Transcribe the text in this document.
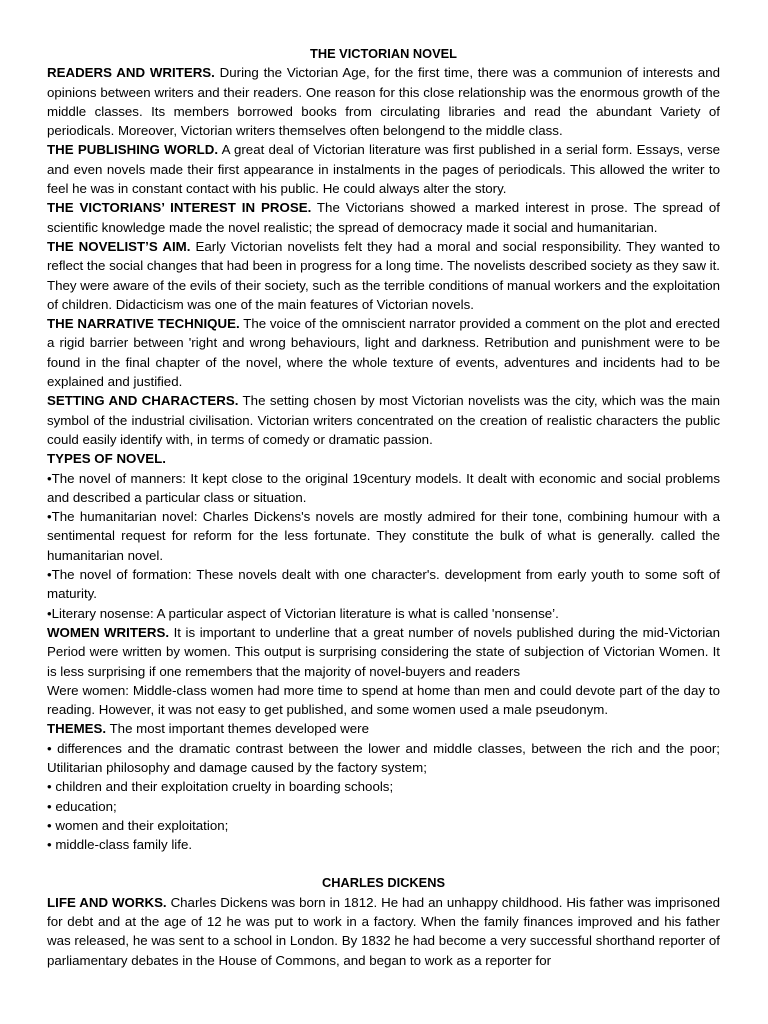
THE VICTORIAN NOVEL

READERS AND WRITERS. During the Victorian Age, for the first time, there was a communion of interests and opinions between writers and their readers. One reason for this close relationship was the enormous growth of the middle classes. Its members borrowed books from circulating libraries and read the abundant Variety of periodicals. Moreover, Victorian writers themselves often belongend to the middle class.

THE PUBLISHING WORLD. A great deal of Victorian literature was first published in a serial form. Essays, verse and even novels made their first appearance in instalments in the pages of periodicals. This allowed the writer to feel he was in constant contact with his public. He could always alter the story.

THE VICTORIANS’ INTEREST IN PROSE. The Victorians showed a marked interest in prose. The spread of scientific knowledge made the novel realistic; the spread of democracy made it social and humanitarian.

THE NOVELIST’S AIM. Early Victorian novelists felt they had a moral and social responsibility. They wanted to reflect the social changes that had been in progress for a long time. The novelists described society as they saw it. They were aware of the evils of their society, such as the terrible conditions of manual workers and the exploitation of children. Didacticism was one of the main features of Victorian novels.

THE NARRATIVE TECHNIQUE. The voice of the omniscient narrator provided a comment on the plot and erected a rigid barrier between 'right and wrong behaviours, light and darkness. Retribution and punishment were to be found in the final chapter of the novel, where the whole texture of events, adventures and incidents had to be explained and justified.

SETTING AND CHARACTERS. The setting chosen by most Victorian novelists was the city, which was the main symbol of the industrial civilisation. Victorian writers concentrated on the creation of realistic characters the public could easily identify with, in terms of comedy or dramatic passion.

TYPES OF NOVEL.

•The novel of manners: It kept close to the original 19century models. It dealt with economic and social problems and described a particular class or situation.

•The humanitarian novel: Charles Dickens's novels are mostly admired for their tone, combining humour with a sentimental request for reform for the less fortunate. They constitute the bulk of what is generally. called the humanitarian novel.

•The novel of formation: These novels dealt with one character's. development from early youth to some soft of maturity.

•Literary nosense: A particular aspect of Victorian literature is what is called 'nonsense’.

WOMEN WRITERS. It is important to underline that a great number of novels published during the mid-Victorian Period were written by women. This output is surprising considering the state of subjection of Victorian Women. It is less surprising if one remembers that the majority of novel-buyers and readers

Were women: Middle-class women had more time to spend at home than men and could devote part of the day to reading. However, it was not easy to get published, and some women used a male pseudonym.

THEMES. The most important themes developed were

• differences and the dramatic contrast between the lower and middle classes, between the rich and the poor; Utilitarian philosophy and damage caused by the factory system;

• children and their exploitation cruelty in boarding schools;

• education;

• women and their exploitation;

• middle-class family life.

CHARLES DICKENS

LIFE AND WORKS. Charles Dickens was born in 1812. He had an unhappy childhood. His father was imprisoned for debt and at the age of 12 he was put to work in a factory. When the family finances improved and his father was released, he was sent to a school in London. By 1832 he had become a very successful shorthand reporter of parliamentary debates in the House of Commons, and began to work as a reporter for
